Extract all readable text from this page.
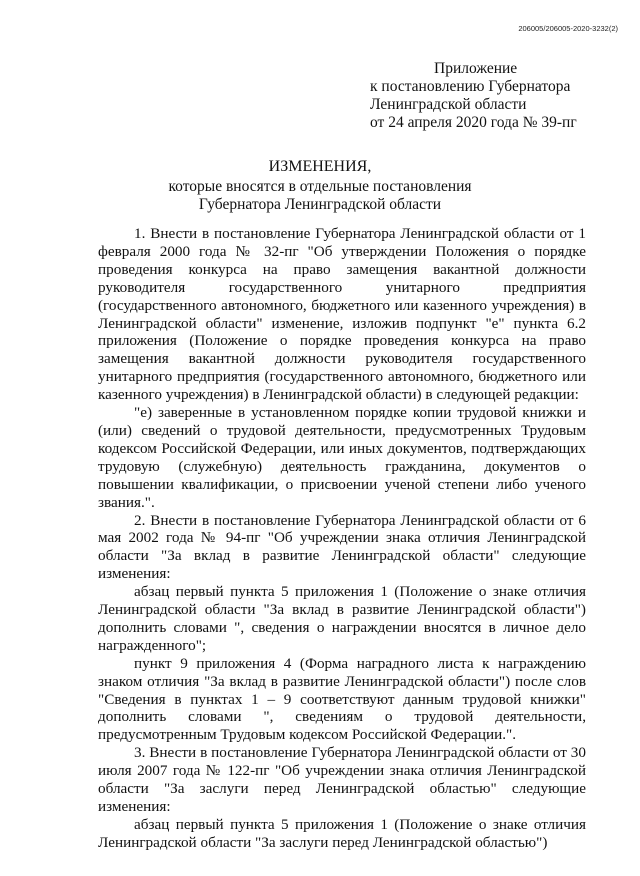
206005/206005-2020-3232(2)
Приложение
к постановлению Губернатора
Ленинградской области
от 24 апреля 2020 года № 39-пг
ИЗМЕНЕНИЯ,
которые вносятся в отдельные постановления
Губернатора Ленинградской области

1. Внести в постановление Губернатора Ленинградской области от 1 февраля 2000 года № 32-пг "Об утверждении Положения о порядке проведения конкурса на право замещения вакантной должности руководителя государственного унитарного предприятия (государственного автономного, бюджетного или казенного учреждения) в Ленинградской области" изменение, изложив подпункт "е" пункта 6.2 приложения (Положение о порядке проведения конкурса на право замещения вакантной должности руководителя государственного унитарного предприятия (государственного автономного, бюджетного или казенного учреждения) в Ленинградской области) в следующей редакции:

"е) заверенные в установленном порядке копии трудовой книжки и (или) сведений о трудовой деятельности, предусмотренных Трудовым кодексом Российской Федерации, или иных документов, подтверждающих трудовую (служебную) деятельность гражданина, документов о повышении квалификации, о присвоении ученой степени либо ученого звания.".

2. Внести в постановление Губернатора Ленинградской области от 6 мая 2002 года № 94-пг "Об учреждении знака отличия Ленинградской области "За вклад в развитие Ленинградской области" следующие изменения:

абзац первый пункта 5 приложения 1 (Положение о знаке отличия Ленинградской области "За вклад в развитие Ленинградской области") дополнить словами ", сведения о награждении вносятся в личное дело награжденного";

пункт 9 приложения 4 (Форма наградного листа к награждению знаком отличия "За вклад в развитие Ленинградской области") после слов "Сведения в пунктах 1 – 9 соответствуют данным трудовой книжки" дополнить словами ", сведениям о трудовой деятельности, предусмотренным Трудовым кодексом Российской Федерации.".

3. Внести в постановление Губернатора Ленинградской области от 30 июля 2007 года № 122-пг "Об учреждении знака отличия Ленинградской области "За заслуги перед Ленинградской областью" следующие изменения:

абзац первый пункта 5 приложения 1 (Положение о знаке отличия Ленинградской области "За заслуги перед Ленинградской областью")
